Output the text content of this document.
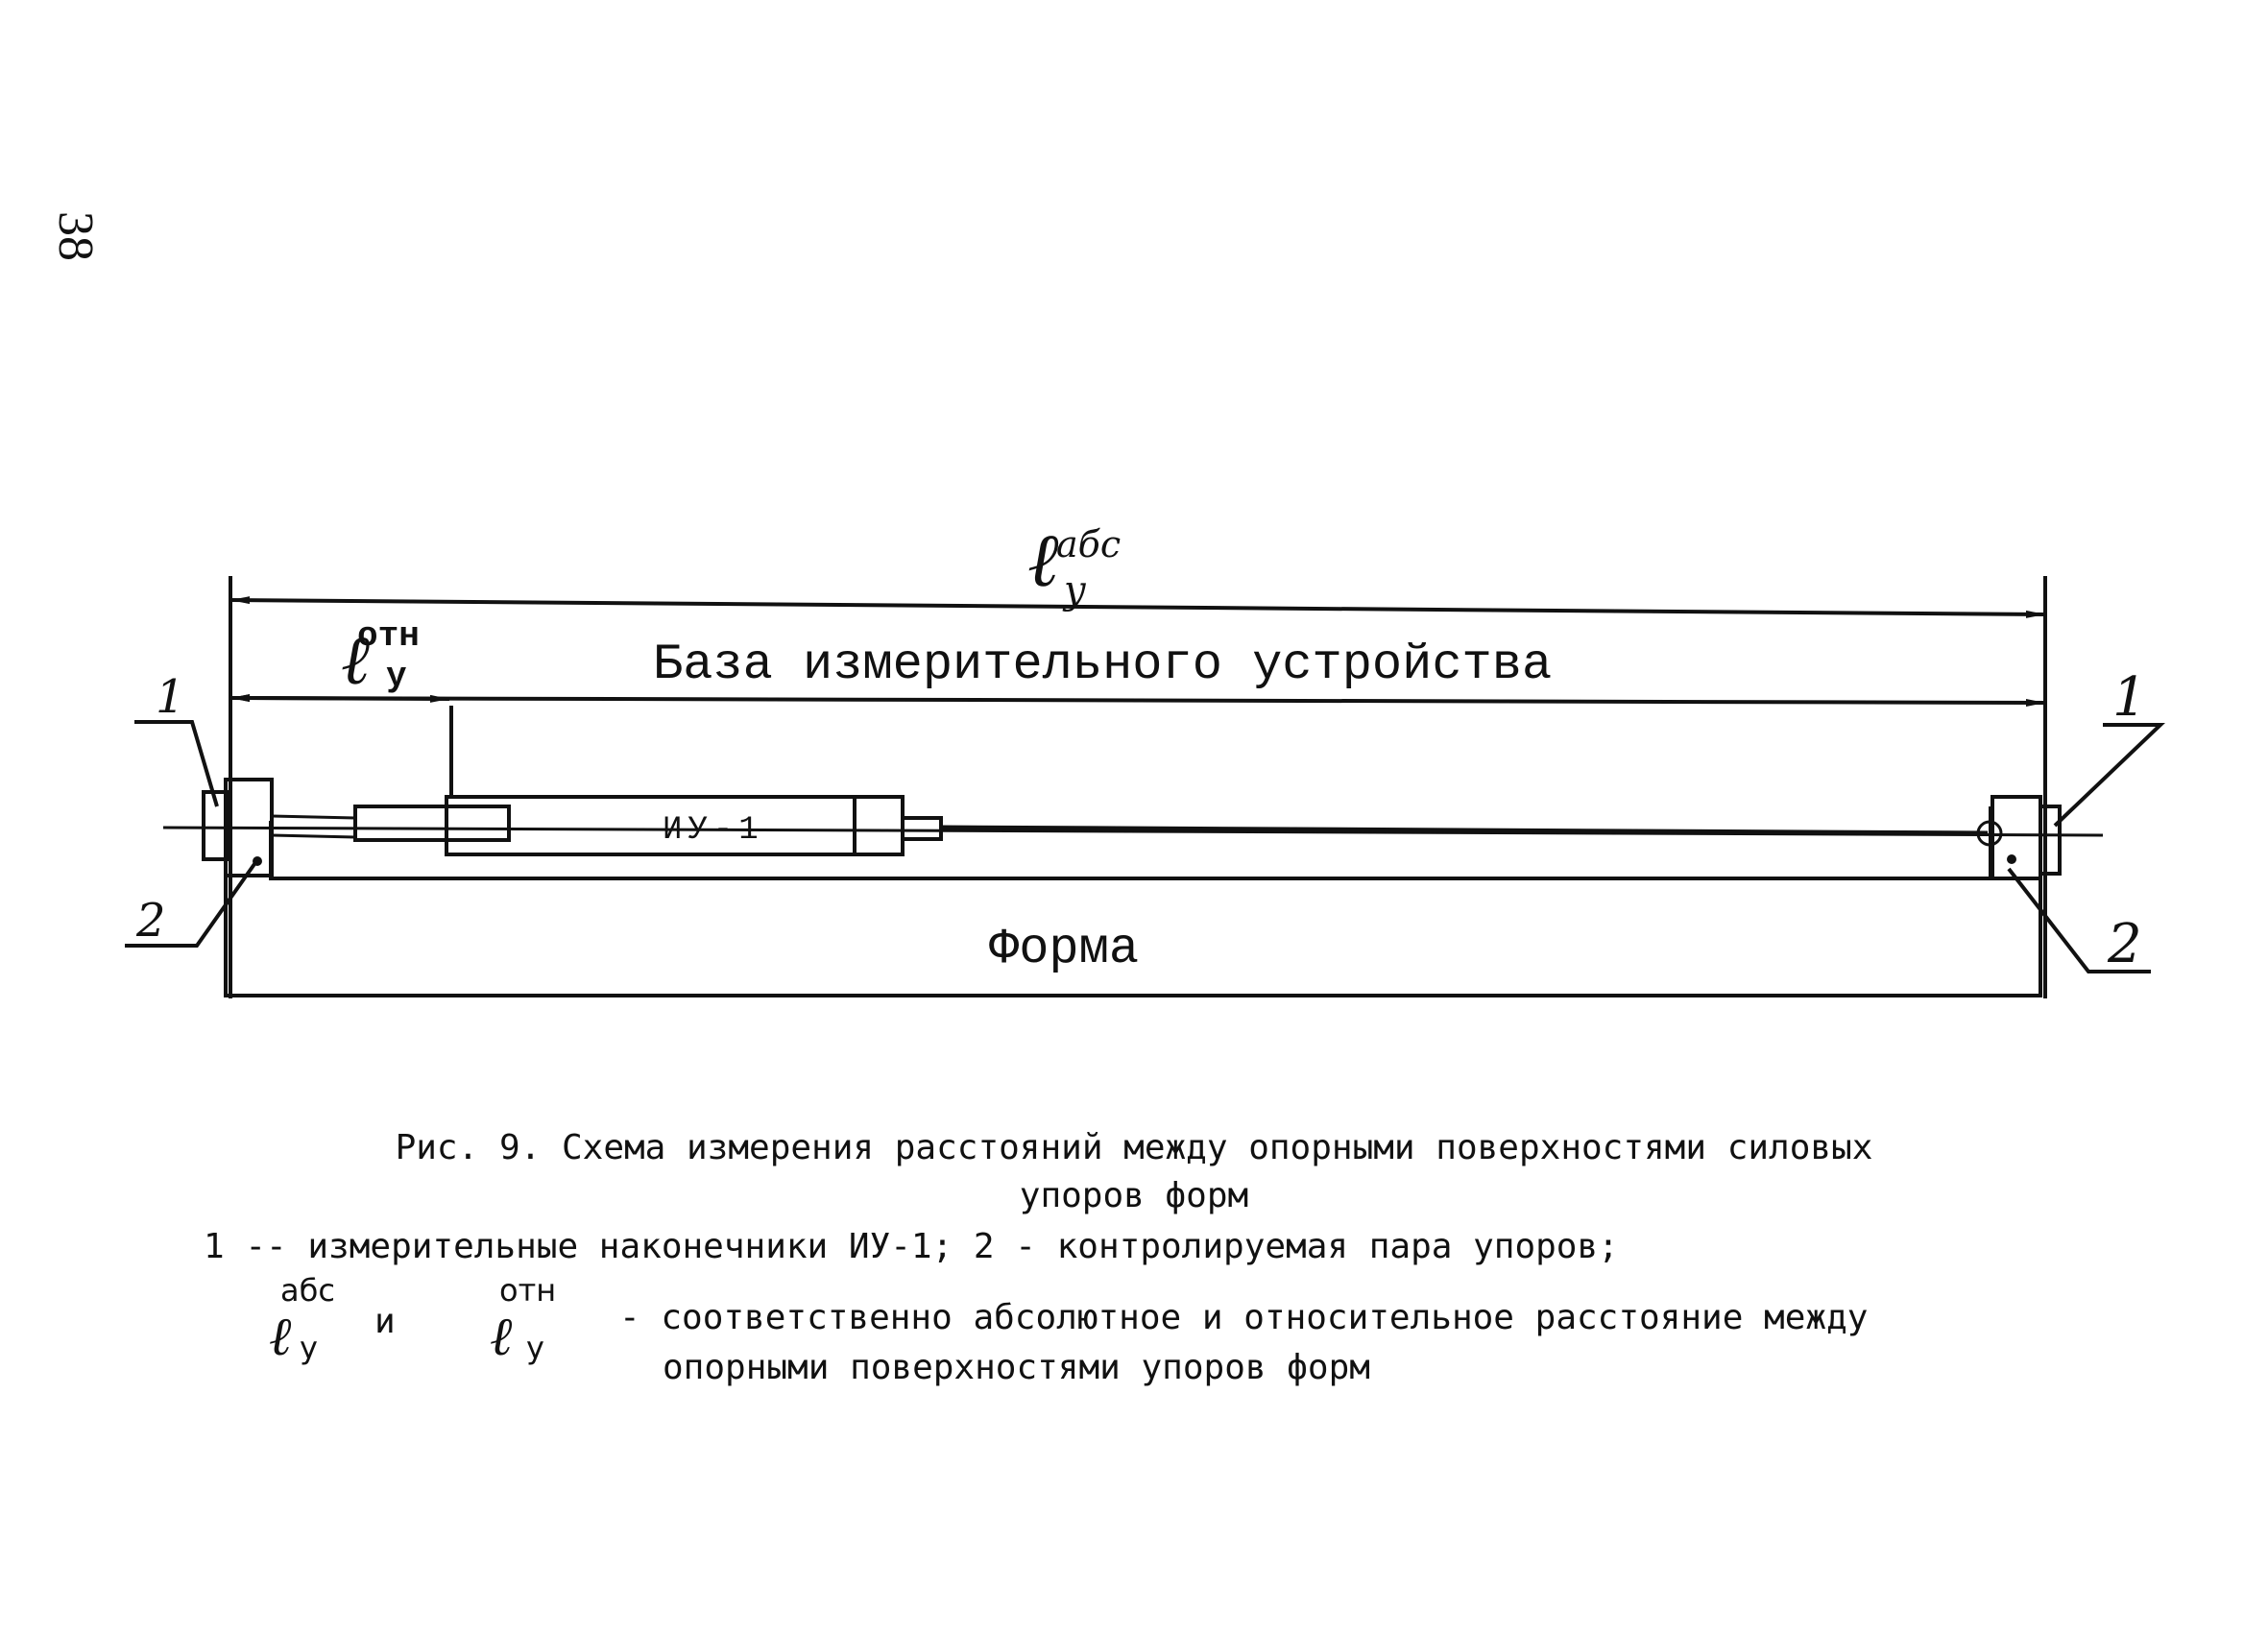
38
ИУ-1
ℓ
абс
у
ℓ
отн
у	База измерительного устройства
Форма
1
2
1
2
Рис. 9. Схема измерения расстояний между опорными поверхностями силовых
упоров форм
1 -- измерительные наконечники ИУ-1; 2 - контролируемая пара упоров;
ℓ
абс
у
и ℓ
отн
у
- соответственно абсолютное и относительное расстояние между
опорными поверхностями упоров форм
